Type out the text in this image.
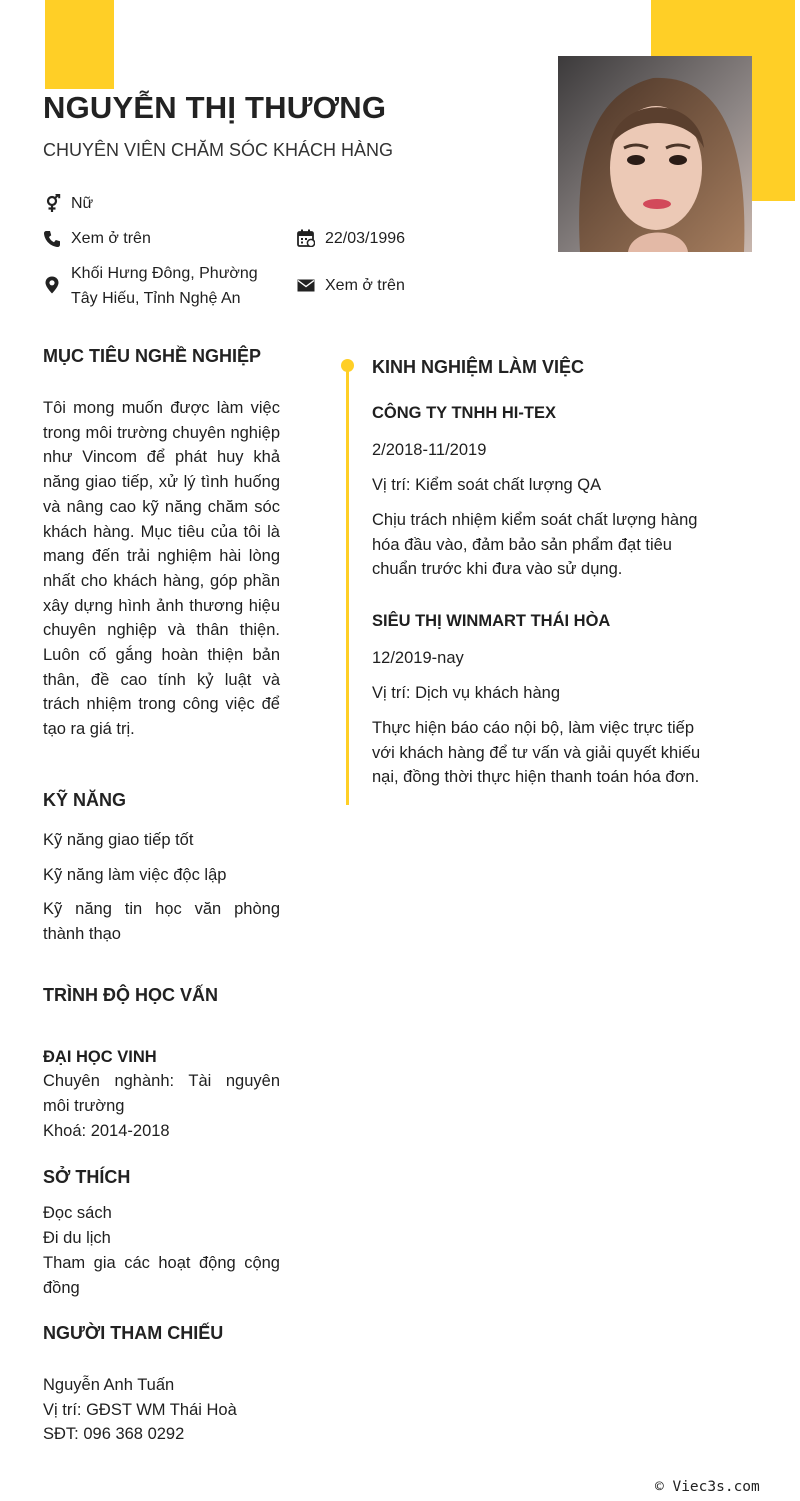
NGUYỄN THỊ THƯƠNG
CHUYÊN VIÊN CHĂM SÓC KHÁCH HÀNG
Nữ
Xem ở trên	22/03/1996
Khối Hưng Đông, Phường
Tây Hiếu, Tỉnh Nghệ An
Xem ở trên
MỤC TIÊU NGHỀ NGHIỆP
Tôi mong muốn được làm việc trong môi trường chuyên nghiệp như Vincom để phát huy khả năng giao tiếp, xử lý tình huống và nâng cao kỹ năng chăm sóc khách hàng. Mục tiêu của tôi là mang đến trải nghiệm hài lòng nhất cho khách hàng, góp phần xây dựng hình ảnh thương hiệu chuyên nghiệp và thân thiện. Luôn cố gắng hoàn thiện bản thân, đề cao tính kỷ luật và trách nhiệm trong công việc để tạo ra giá trị.
KỸ NĂNG
Kỹ năng giao tiếp tốt
Kỹ năng làm việc độc lập
Kỹ năng tin học văn phòng thành thạo
TRÌNH ĐỘ HỌC VẤN
ĐẠI HỌC VINH
Chuyên nghành: Tài nguyên môi trường
Khoá: 2014-2018
SỞ THÍCH
Đọc sách
Đi du lịch
Tham gia các hoạt động cộng đồng
NGƯỜI THAM CHIẾU
Nguyễn Anh Tuấn
Vị trí: GĐST WM Thái Hoà
SĐT: 096 368 0292
KINH NGHIỆM LÀM VIỆC
CÔNG TY TNHH HI-TEX
2/2018-11/2019
Vị trí: Kiểm soát chất lượng QA
Chịu trách nhiệm kiểm soát chất lượng hàng hóa đầu vào, đảm bảo sản phẩm đạt tiêu chuẩn trước khi đưa vào sử dụng.
SIÊU THỊ WINMART THÁI HÒA
12/2019-nay
Vị trí: Dịch vụ khách hàng
Thực hiện báo cáo nội bộ, làm việc trực tiếp với khách hàng để tư vấn và giải quyết khiếu nại, đồng thời thực hiện thanh toán hóa đơn.
© Viec3s.com
